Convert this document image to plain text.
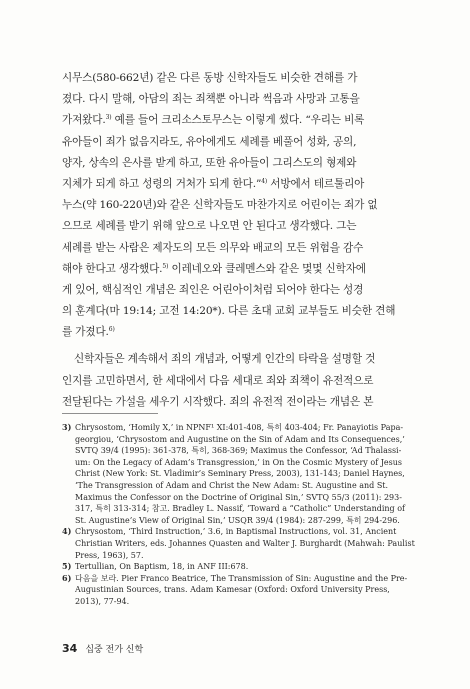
시무스(580-662년) 같은 다른 동방 신학자들도 비슷한 견해를 가
졌다. 다시 말해, 아담의 죄는 죄책뿐 아니라 썩음과 사망과 고통을
가져왔다.$^{3)}$ 예를 들어 크리소스토무스는 이렇게 썼다. “우리는 비록
유아들이 죄가 없음지라도, 유아에게도 세례를 베풀어 성화, 공의,
양자, 상속의 은사를 받게 하고, 또한 유아들이 그리스도의 형제와
지체가 되게 하고 성령의 거처가 되게 한다.”$^{4)}$ 서방에서 테르툴리아
누스(약 160-220년)와 같은 신학자들도 마찬가지로 어린이는 죄가 없
으므로 세례를 받기 위해 앞으로 나오면 안 된다고 생각했다. 그는
세례를 받는 사람은 제자도의 모든 의무와 배교의 모든 위험을 감수
해야 한다고 생각했다.$^{5)}$ 이레네오와 클레멘스와 같은 몇몇 신학자에
게 있어, 핵심적인 개념은 죄인은 어린아이처럼 되어야 한다는 성경
의 훈계다(마 19:14; 고전 14:20*). 다른 초대 교회 교부들도 비슷한 견해
를 가졌다.$^{6)}$
신학자들은 계속해서 죄의 개념과, 어떻게 인간의 타락을 설명할 것
인지를 고민하면서, 한 세대에서 다음 세대로 죄와 죄책이 유전적으로
전달된다는 가설을 세우기 시작했다. 죄의 유전적 전이라는 개념은 본
3) Chrysostom, ‘Homily X,’ in NPNF¹ XI:401-408, 특히 403-404; Fr. Panayiotis Papa-
georgiou, ‘Chrysostom and Augustine on the Sin of Adam and Its Consequences,’
SVTQ 39/4 (1995): 361-378, 특히, 368-369; Maximus the Confessor, ‘Ad Thalassi-
um: On the Legacy of Adam’s Transgression,’ in On the Cosmic Mystery of Jesus
Christ (New York: St. Vladimir’s Seminary Press, 2003), 131-143; Daniel Haynes,
‘The Transgression of Adam and Christ the New Adam: St. Augustine and St.
Maximus the Confessor on the Doctrine of Original Sin,’ SVTQ 55/3 (2011): 293-
317, 특히 313-314; 참고. Bradley L. Nassif, ‘Toward a “Catholic” Understanding of
St. Augustine’s View of Original Sin,’ USQR 39/4 (1984): 287-299, 특히 294-296.
4) Chrysostom, ‘Third Instruction,’ 3.6, in Baptismal Instructions, vol. 31, Ancient
Christian Writers, eds. Johannes Quasten and Walter J. Burghardt (Mahwah: Paulist
Press, 1963), 57.
5) Tertullian, On Baptism, 18, in ANF III:678.
6) 다음을 보라. Pier Franco Beatrice, The Transmission of Sin: Augustine and the Pre-
Augustinian Sources, trans. Adam Kamesar (Oxford: Oxford University Press,
2013), 77-94.
34 십중 전가 신학
